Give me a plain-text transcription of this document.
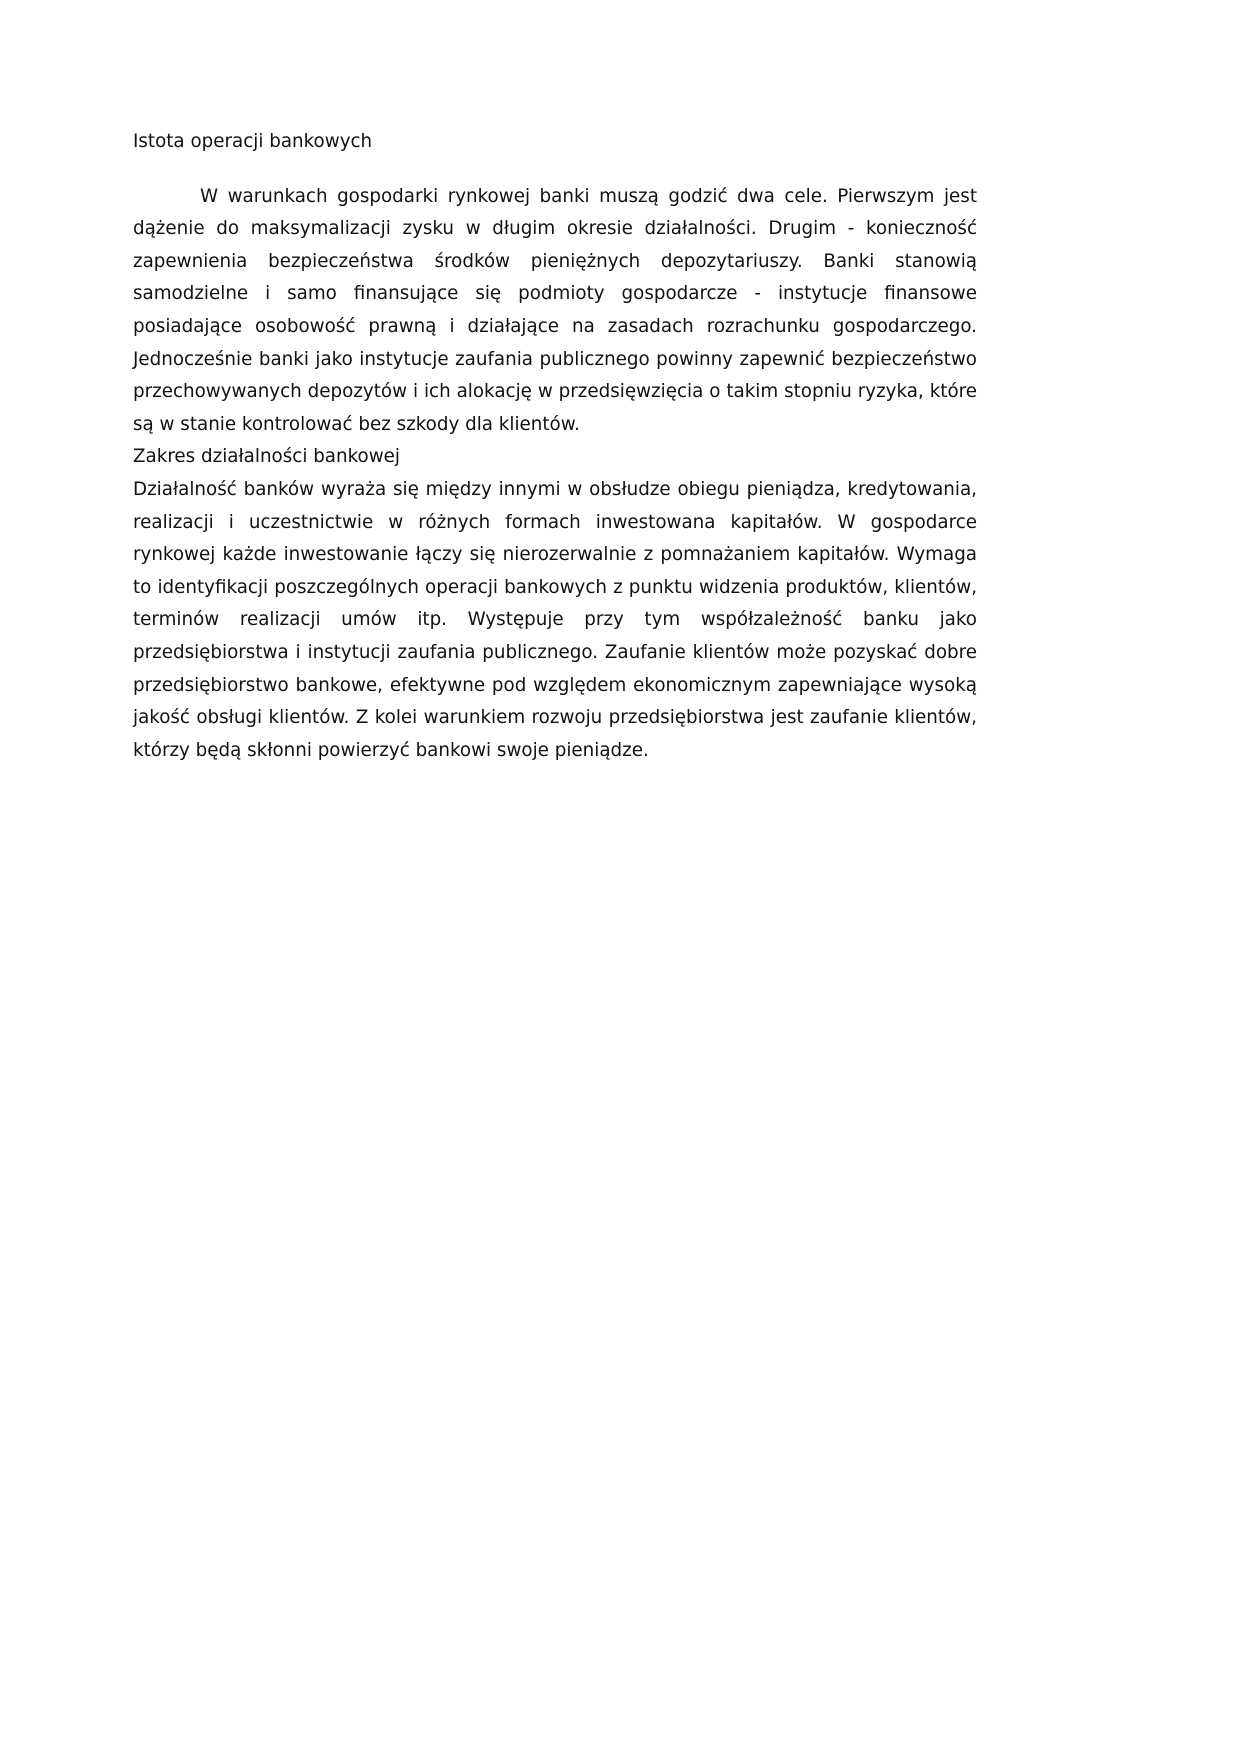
Istota operacji bankowych

W warunkach gospodarki rynkowej banki muszą godzić dwa cele. Pierwszym jest dążenie do maksymalizacji zysku w długim okresie działalności. Drugim - konieczność zapewnienia bezpieczeństwa środków pieniężnych depozytariuszy. Banki stanowią samodzielne i samo finansujące się podmioty gospodarcze - instytucje finansowe posiadające osobowość prawną i działające na zasadach rozrachunku gospodarczego. Jednocześnie banki jako instytucje zaufania publicznego powinny zapewnić bezpieczeństwo przechowywanych depozytów i ich alokację w przedsięwzięcia o takim stopniu ryzyka, które są w stanie kontrolować bez szkody dla klientów.

Zakres działalności bankowej

Działalność banków wyraża się między innymi w obsłudze obiegu pieniądza, kredytowania, realizacji i uczestnictwie w różnych formach inwestowana kapitałów. W gospodarce rynkowej każde inwestowanie łączy się nierozerwalnie z pomnażaniem kapitałów. Wymaga to identyfikacji poszczególnych operacji bankowych z punktu widzenia produktów, klientów, terminów realizacji umów itp. Występuje przy tym współzależność banku jako przedsiębiorstwa i instytucji zaufania publicznego. Zaufanie klientów może pozyskać dobre przedsiębiorstwo bankowe, efektywne pod względem ekonomicznym zapewniające wysoką jakość obsługi klientów. Z kolei warunkiem rozwoju przedsiębiorstwa jest zaufanie klientów, którzy będą skłonni powierzyć bankowi swoje pieniądze.
